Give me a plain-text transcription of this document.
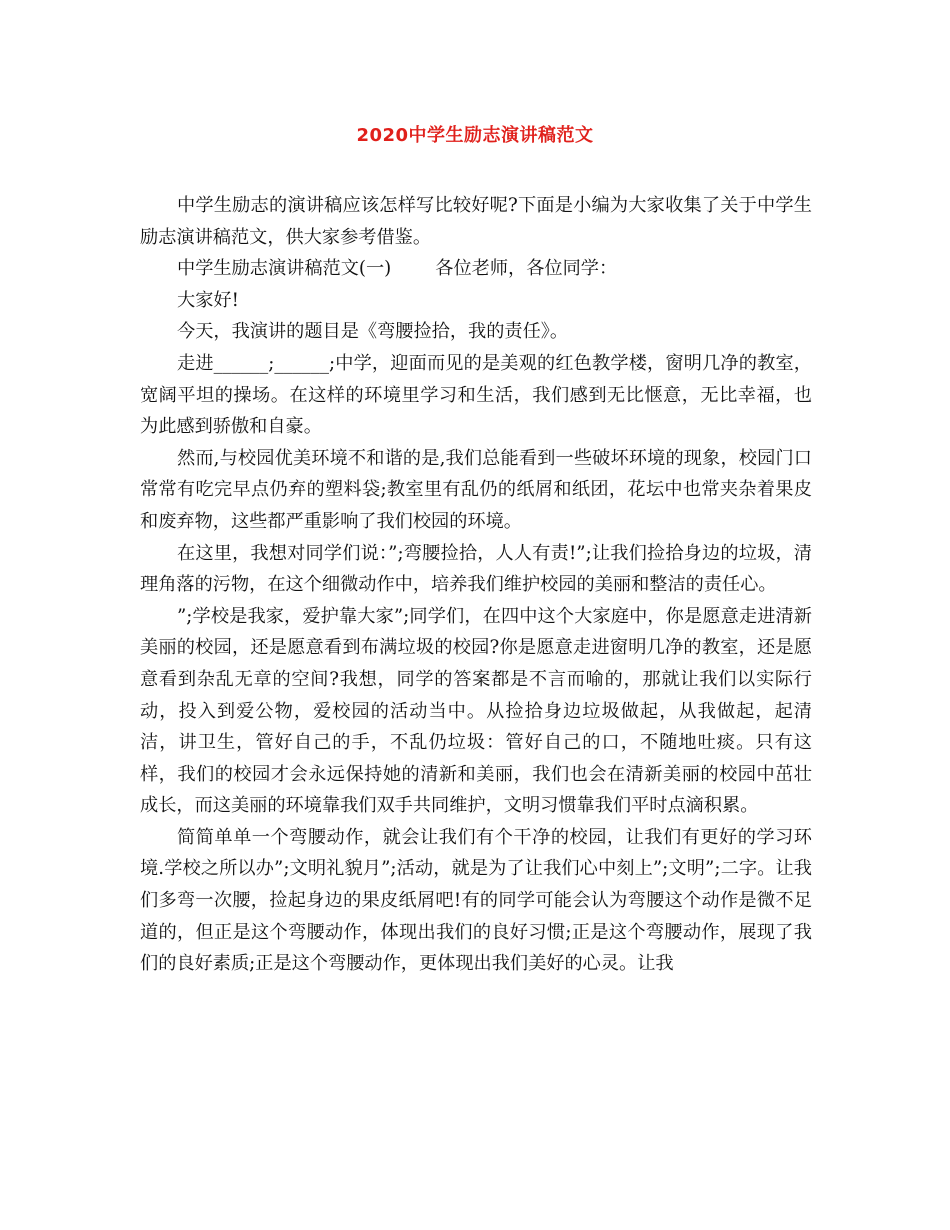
2020中学生励志演讲稿范文

中学生励志的演讲稿应该怎样写比较好呢?下面是小编为大家收集了关于中学生励志演讲稿范文，供大家参考借鉴。

中学生励志演讲稿范文(一) 各位老师，各位同学：

大家好!

今天，我演讲的题目是《弯腰捡拾，我的责任》。

走进______;______;中学，迎面而见的是美观的红色教学楼，窗明几净的教室，宽阔平坦的操场。在这样的环境里学习和生活，我们感到无比惬意，无比幸福，也为此感到骄傲和自豪。

然而,与校园优美环境不和谐的是,我们总能看到一些破坏环境的现象，校园门口常常有吃完早点仍弃的塑料袋;教室里有乱仍的纸屑和纸团，花坛中也常夹杂着果皮和废弃物，这些都严重影响了我们校园的环境。

在这里，我想对同学们说：”;弯腰捡拾，人人有责!”;让我们捡拾身边的垃圾，清理角落的污物，在这个细微动作中，培养我们维护校园的美丽和整洁的责任心。

”;学校是我家，爱护靠大家”;同学们，在四中这个大家庭中，你是愿意走进清新美丽的校园，还是愿意看到布满垃圾的校园?你是愿意走进窗明几净的教室，还是愿意看到杂乱无章的空间?我想，同学的答案都是不言而喻的，那就让我们以实际行动，投入到爱公物，爱校园的活动当中。从捡拾身边垃圾做起，从我做起，起清洁，讲卫生，管好自己的手，不乱仍垃圾：管好自己的口，不随地吐痰。只有这样，我们的校园才会永远保持她的清新和美丽，我们也会在清新美丽的校园中茁壮成长，而这美丽的环境靠我们双手共同维护，文明习惯靠我们平时点滴积累。

简简单单一个弯腰动作，就会让我们有个干净的校园，让我们有更好的学习环境.学校之所以办”;文明礼貌月”;活动，就是为了让我们心中刻上”;文明”;二字。让我们多弯一次腰，捡起身边的果皮纸屑吧!有的同学可能会认为弯腰这个动作是微不足道的，但正是这个弯腰动作，体现出我们的良好习惯;正是这个弯腰动作，展现了我们的良好素质;正是这个弯腰动作，更体现出我们美好的心灵。让我
